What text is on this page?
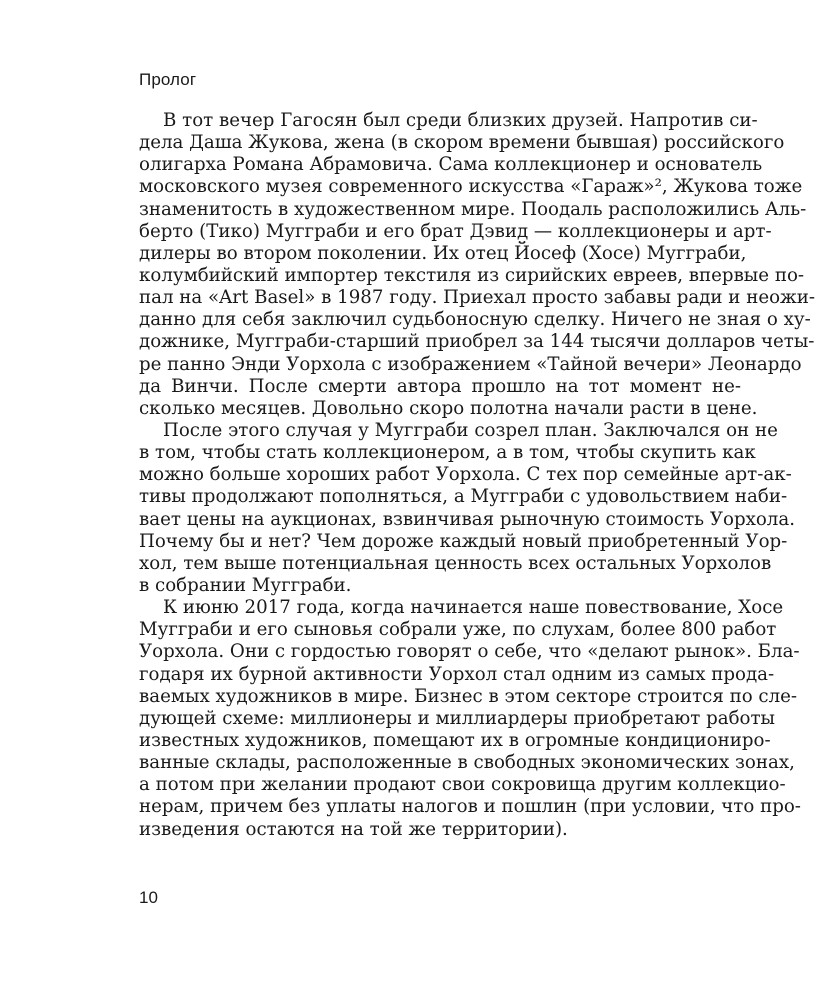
Пролог
В тот вечер Гагосян был среди близких друзей. Напротив си-
дела Даша Жукова, жена (в скором времени бывшая) российского
олигарха Романа Абрамовича. Сама коллекционер и основатель
московского музея современного искусства «Гараж»², Жукова тоже
знаменитость в художественном мире. Поодаль расположились Аль-
берто (Тико) Мугграби и его брат Дэвид — коллекционеры и арт-
дилеры во втором поколении. Их отец Йосеф (Хосе) Мугграби,
колумбийский импортер текстиля из сирийских евреев, впервые по-
пал на «Art Basel» в 1987 году. Приехал просто забавы ради и неожи-
данно для себя заключил судьбоносную сделку. Ничего не зная о ху-
дожнике, Мугграби-старший приобрел за 144 тысячи долларов четы-
ре панно Энди Уорхола с изображением «Тайной вечери» Леонардо
да Винчи. После смерти автора прошло на тот момент не-
сколько месяцев. Довольно скоро полотна начали расти в цене.
После этого случая у Мугграби созрел план. Заключался он не
в том, чтобы стать коллекционером, а в том, чтобы скупить как
можно больше хороших работ Уорхола. С тех пор семейные арт-ак-
тивы продолжают пополняться, а Мугграби с удовольствием наби-
вает цены на аукционах, взвинчивая рыночную стоимость Уорхола.
Почему бы и нет? Чем дороже каждый новый приобретенный Уор-
хол, тем выше потенциальная ценность всех остальных Уорхолов
в собрании Мугграби.
К июню 2017 года, когда начинается наше повествование, Хосе
Мугграби и его сыновья собрали уже, по слухам, более 800 работ
Уорхола. Они с гордостью говорят о себе, что «делают рынок». Бла-
годаря их бурной активности Уорхол стал одним из самых прода-
ваемых художников в мире. Бизнес в этом секторе строится по сле-
дующей схеме: миллионеры и миллиардеры приобретают работы
известных художников, помещают их в огромные кондициониро-
ванные склады, расположенные в свободных экономических зонах,
а потом при желании продают свои сокровища другим коллекцио-
нерам, причем без уплаты налогов и пошлин (при условии, что про-
изведения остаются на той же территории).
10
